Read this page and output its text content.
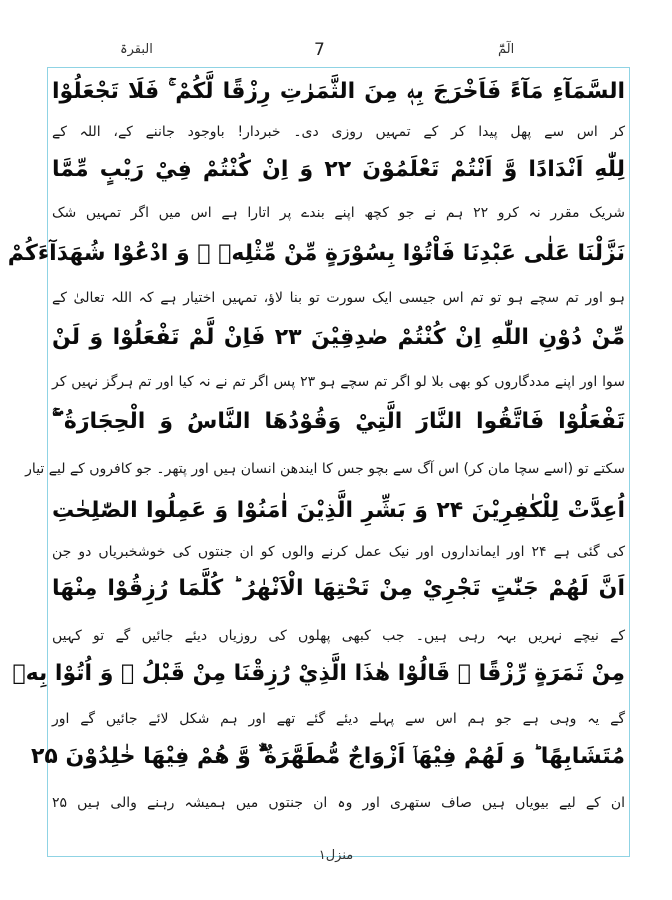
البقرۃ	7	الٓمّٓ
السَّمَآءِ مَآءً فَاَخْرَجَ بِهٖ مِنَ الثَّمَرٰتِ رِزْقًا لَّكُمْ ۚ فَلَا تَجْعَلُوْا
کر اس سے پھل پیدا کر کے تمہیں روزی دی۔ خبردار! باوجود جاننے کے، اللہ کے
لِلّٰهِ اَنْدَادًا وَّ اَنْتُمْ تَعْلَمُوْنَ ۲۲ وَ اِنْ كُنْتُمْ فِيْ رَيْبٍ مِّمَّا
شریک مقرر نہ کرو ۲۲ ہم نے جو کچھ اپنے بندے پر اتارا ہے اس میں اگر تمہیں شک
نَزَّلْنَا عَلٰى عَبْدِنَا فَاْتُوْا بِسُوْرَةٍ مِّنْ مِّثْلِهٖ ۪ وَ ادْعُوْا شُهَدَآءَكُمْ
ہو اور تم سچے ہو تو تم اس جیسی ایک سورت تو بنا لاؤ، تمہیں اختیار ہے کہ اللہ تعالیٰ کے
مِّنْ دُوْنِ اللّٰهِ اِنْ كُنْتُمْ صٰدِقِيْنَ ۲۳ فَاِنْ لَّمْ تَفْعَلُوْا وَ لَنْ
سوا اور اپنے مددگاروں کو بھی بلا لو اگر تم سچے ہو ۲۳ پس اگر تم نے نہ کیا اور تم ہرگز نہیں کر
تَفْعَلُوْا فَاتَّقُوا النَّارَ الَّتِيْ وَقُوْدُهَا النَّاسُ وَ الْحِجَارَةُ ۚۖ
سکتے تو (اسے سچا مان کر) اس آگ سے بچو جس کا ایندھن انسان ہیں اور پتھر۔ جو کافروں کے لیے تیار
اُعِدَّتْ لِلْكٰفِرِيْنَ ۲۴ وَ بَشِّرِ الَّذِيْنَ اٰمَنُوْا وَ عَمِلُوا الصّٰلِحٰتِ
کی گئی ہے ۲۴ اور ایمانداروں اور نیک عمل کرنے والوں کو ان جنتوں کی خوشخبریاں دو جن
اَنَّ لَهُمْ جَنّٰتٍ تَجْرِيْ مِنْ تَحْتِهَا الْاَنْهٰرُ ؕ كُلَّمَا رُزِقُوْا مِنْهَا
کے نیچے نہریں بہہ رہی ہیں۔ جب کبھی پھلوں کی روزیاں دیئے جائیں گے تو کہیں
مِنْ ثَمَرَةٍ رِّزْقًا ۙ قَالُوْا هٰذَا الَّذِيْ رُزِقْنَا مِنْ قَبْلُ ۙ وَ اُتُوْا بِهٖ
گے یہ وہی ہے جو ہم اس سے پہلے دیئے گئے تھے اور ہم شکل لائے جائیں گے اور
مُتَشَابِهًا ؕ وَ لَهُمْ فِيْهَاۤ اَزْوَاجٌ مُّطَهَّرَةٌ ۙۗ وَّ هُمْ فِيْهَا خٰلِدُوْنَ ۲۵
ان کے لیے بیویاں ہیں صاف ستھری اور وہ ان جنتوں میں ہمیشہ رہنے والی ہیں ۲۵
منزل۱
